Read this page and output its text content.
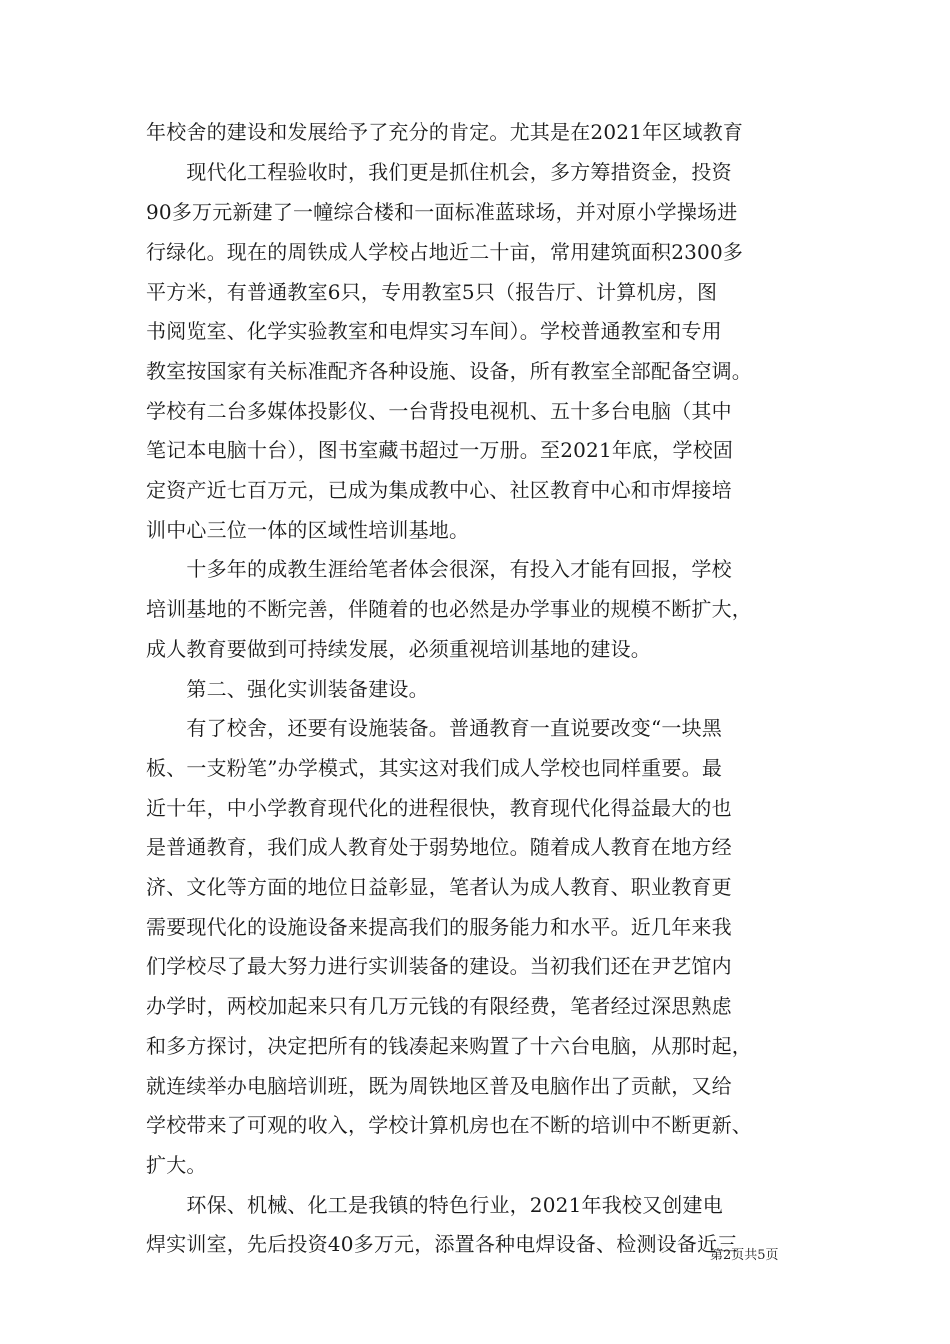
年校舍的建设和发展给予了充分的肯定。尤其是在2021年区域教育
　　现代化工程验收时，我们更是抓住机会，多方筹措资金，投资
90多万元新建了一幢综合楼和一面标准蓝球场，并对原小学操场进
行绿化。现在的周铁成人学校占地近二十亩，常用建筑面积2300多
平方米，有普通教室6只，专用教室5只（报告厅、计算机房，图
书阅览室、化学实验教室和电焊实习车间）。学校普通教室和专用
教室按国家有关标准配齐各种设施、设备，所有教室全部配备空调。
学校有二台多媒体投影仪、一台背投电视机、五十多台电脑（其中
笔记本电脑十台），图书室藏书超过一万册。至2021年底，学校固
定资产近七百万元，已成为集成教中心、社区教育中心和市焊接培
训中心三位一体的区域性培训基地。
　　十多年的成教生涯给笔者体会很深，有投入才能有回报，学校
培训基地的不断完善，伴随着的也必然是办学事业的规模不断扩大，
成人教育要做到可持续发展，必须重视培训基地的建设。
　　第二、强化实训装备建设。
　　有了校舍，还要有设施装备。普通教育一直说要改变“一块黑
板、一支粉笔”办学模式，其实这对我们成人学校也同样重要。最
近十年，中小学教育现代化的进程很快，教育现代化得益最大的也
是普通教育，我们成人教育处于弱势地位。随着成人教育在地方经
济、文化等方面的地位日益彰显，笔者认为成人教育、职业教育更
需要现代化的设施设备来提高我们的服务能力和水平。近几年来我
们学校尽了最大努力进行实训装备的建设。当初我们还在尹艺馆内
办学时，两校加起来只有几万元钱的有限经费，笔者经过深思熟虑
和多方探讨，决定把所有的钱凑起来购置了十六台电脑，从那时起，
就连续举办电脑培训班，既为周铁地区普及电脑作出了贡献，又给
学校带来了可观的收入，学校计算机房也在不断的培训中不断更新、
扩大。
　　环保、机械、化工是我镇的特色行业，2021年我校又创建电
焊实训室，先后投资40多万元，添置各种电焊设备、检测设备近三
第2页共5页
